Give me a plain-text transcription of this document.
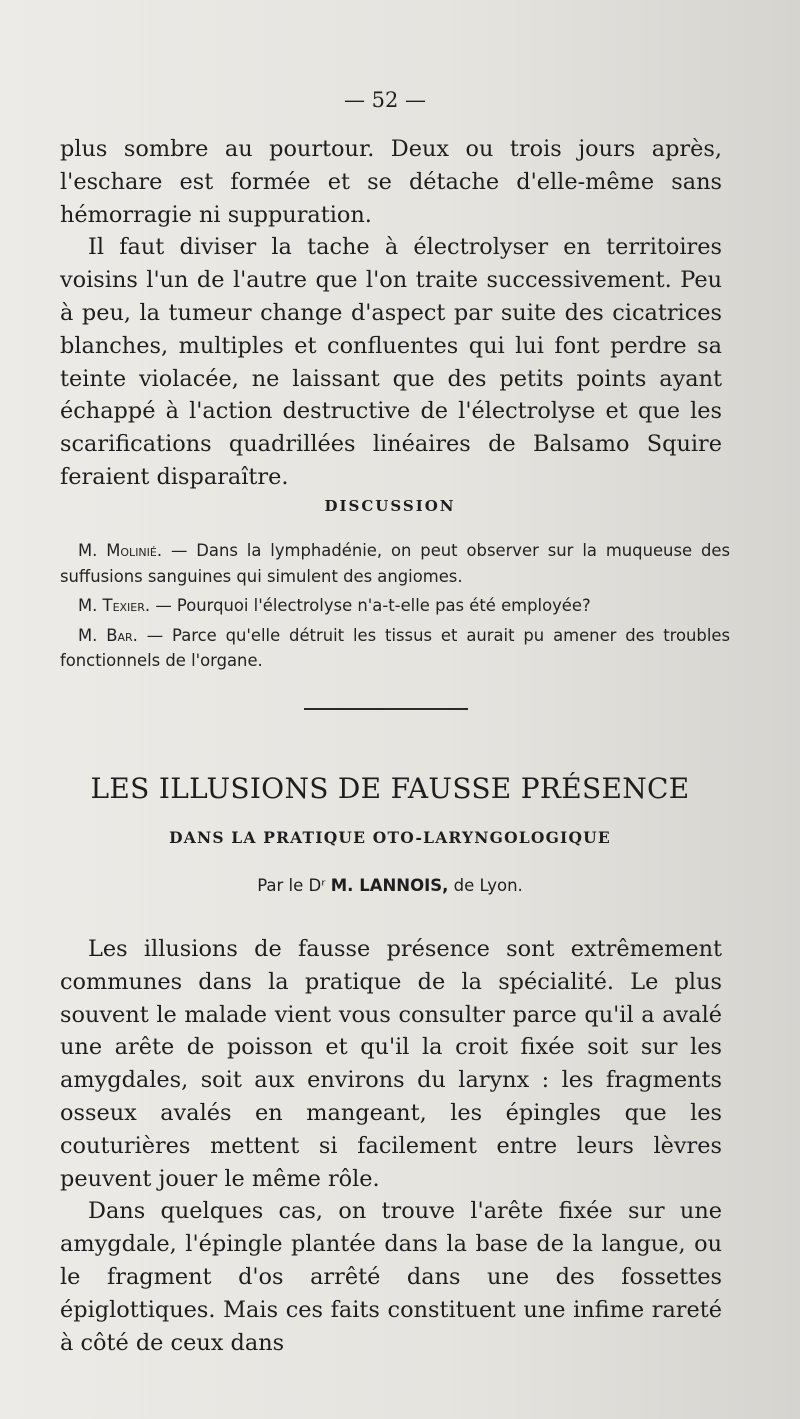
— 52 —

plus sombre au pourtour. Deux ou trois jours après, l'eschare est formée et se détache d'elle-même sans hémorragie ni suppuration.

Il faut diviser la tache à électrolyser en territoires voisins l'un de l'autre que l'on traite successivement. Peu à peu, la tumeur change d'aspect par suite des cicatrices blanches, multiples et confluentes qui lui font perdre sa teinte violacée, ne laissant que des petits points ayant échappé à l'action destructive de l'électrolyse et que les scarifications quadrillées linéaires de Balsamo Squire feraient disparaître.

DISCUSSION

M. Molinié. — Dans la lymphadénie, on peut observer sur la muqueuse des suffusions sanguines qui simulent des angiomes.

M. Texier. — Pourquoi l'électrolyse n'a-t-elle pas été employée?

M. Bar. — Parce qu'elle détruit les tissus et aurait pu amener des troubles fonctionnels de l'organe.

LES ILLUSIONS DE FAUSSE PRÉSENCE
DANS LA PRATIQUE OTO-LARYNGOLOGIQUE
Par le Dʳ M. LANNOIS, de Lyon.

Les illusions de fausse présence sont extrêmement communes dans la pratique de la spécialité. Le plus souvent le malade vient vous consulter parce qu'il a avalé une arête de poisson et qu'il la croit fixée soit sur les amygdales, soit aux environs du larynx : les fragments osseux avalés en mangeant, les épingles que les couturières mettent si facilement entre leurs lèvres peuvent jouer le même rôle.

Dans quelques cas, on trouve l'arête fixée sur une amygdale, l'épingle plantée dans la base de la langue, ou le fragment d'os arrêté dans une des fossettes épiglottiques. Mais ces faits constituent une infime rareté à côté de ceux dans
